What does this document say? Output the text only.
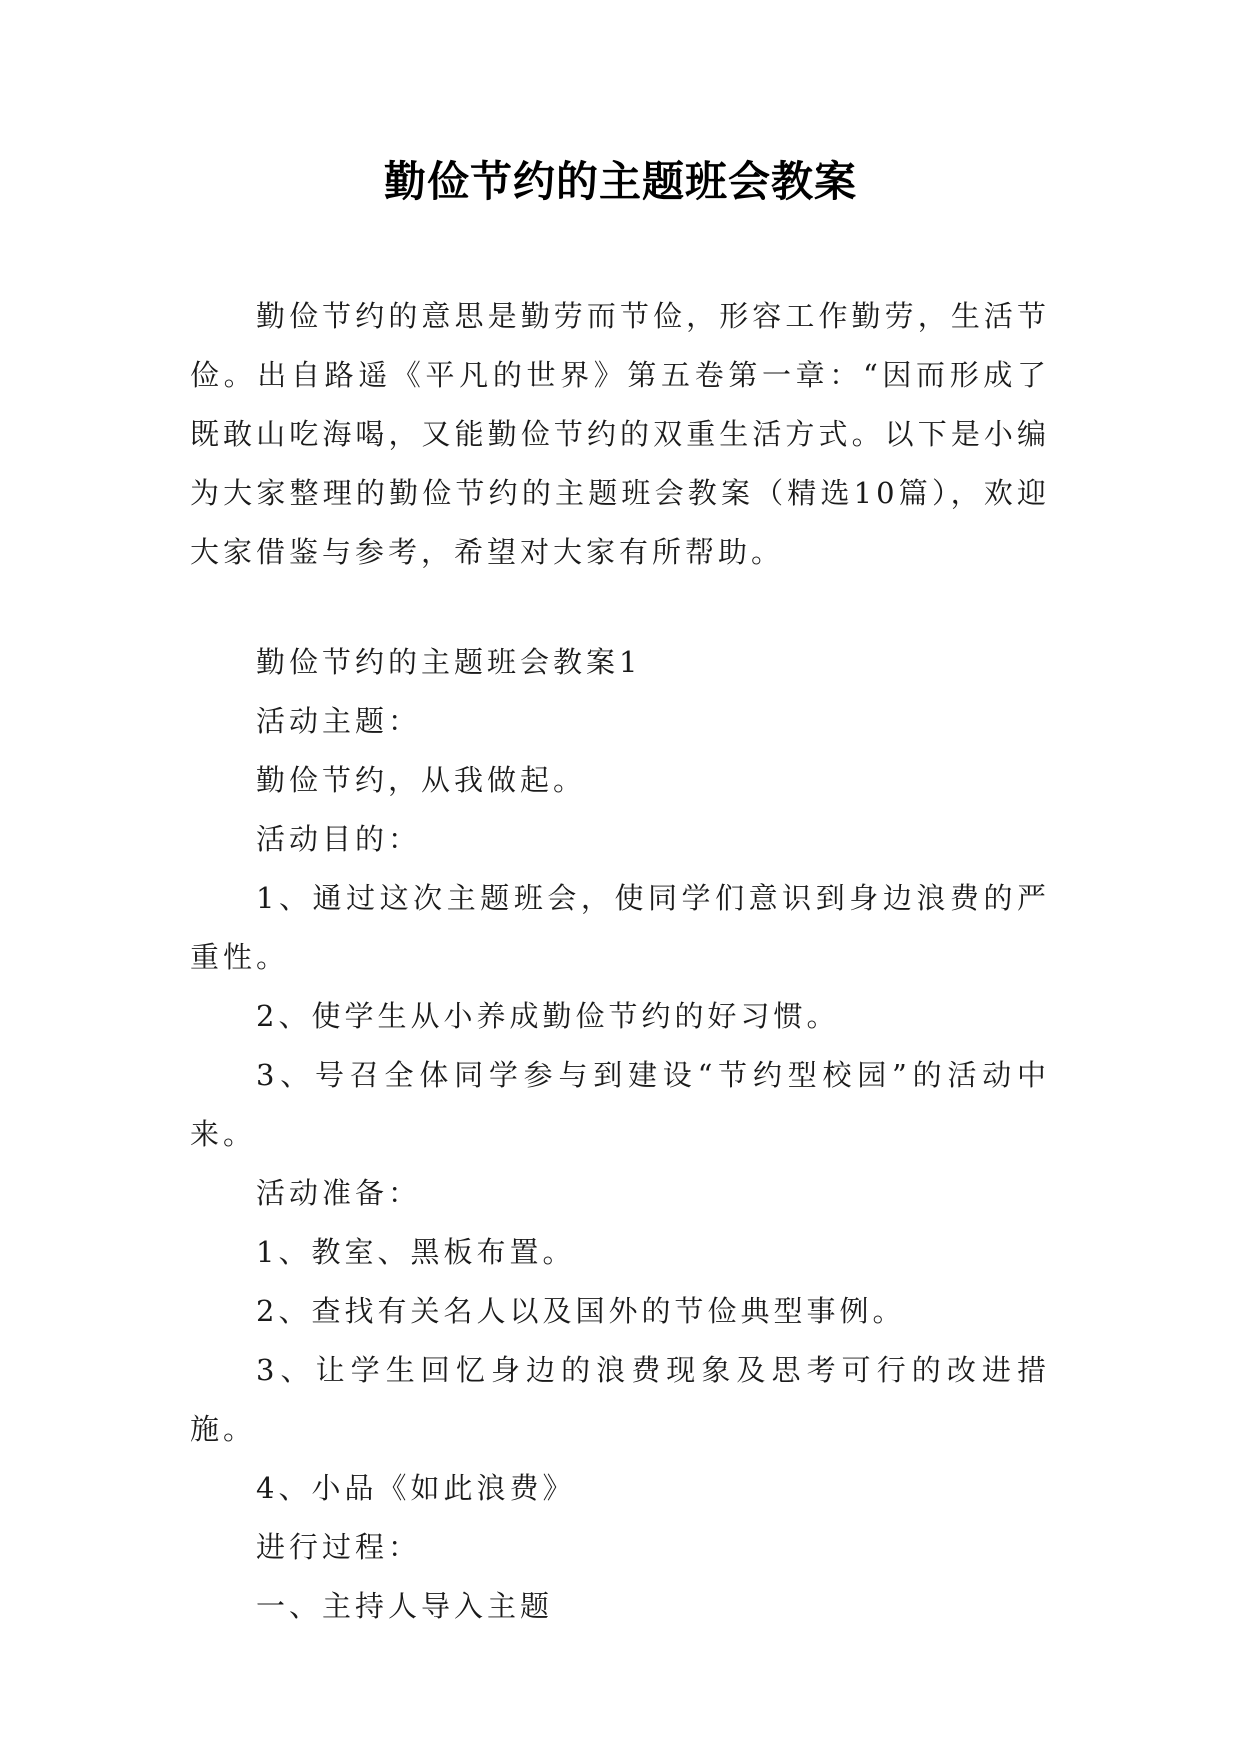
勤俭节约的主题班会教案

勤俭节约的意思是勤劳而节俭，形容工作勤劳，生活节俭。出自路遥《平凡的世界》第五卷第一章：“因而形成了既敢山吃海喝，又能勤俭节约的双重生活方式。以下是小编为大家整理的勤俭节约的主题班会教案（精选10篇），欢迎大家借鉴与参考，希望对大家有所帮助。

勤俭节约的主题班会教案1

活动主题：

勤俭节约，从我做起。

活动目的：

1、通过这次主题班会，使同学们意识到身边浪费的严重性。

2、使学生从小养成勤俭节约的好习惯。

3、号召全体同学参与到建设“节约型校园”的活动中来。

活动准备：

1、教室、黑板布置。

2、查找有关名人以及国外的节俭典型事例。

3、让学生回忆身边的浪费现象及思考可行的改进措施。

4、小品《如此浪费》

进行过程：

一、主持人导入主题
